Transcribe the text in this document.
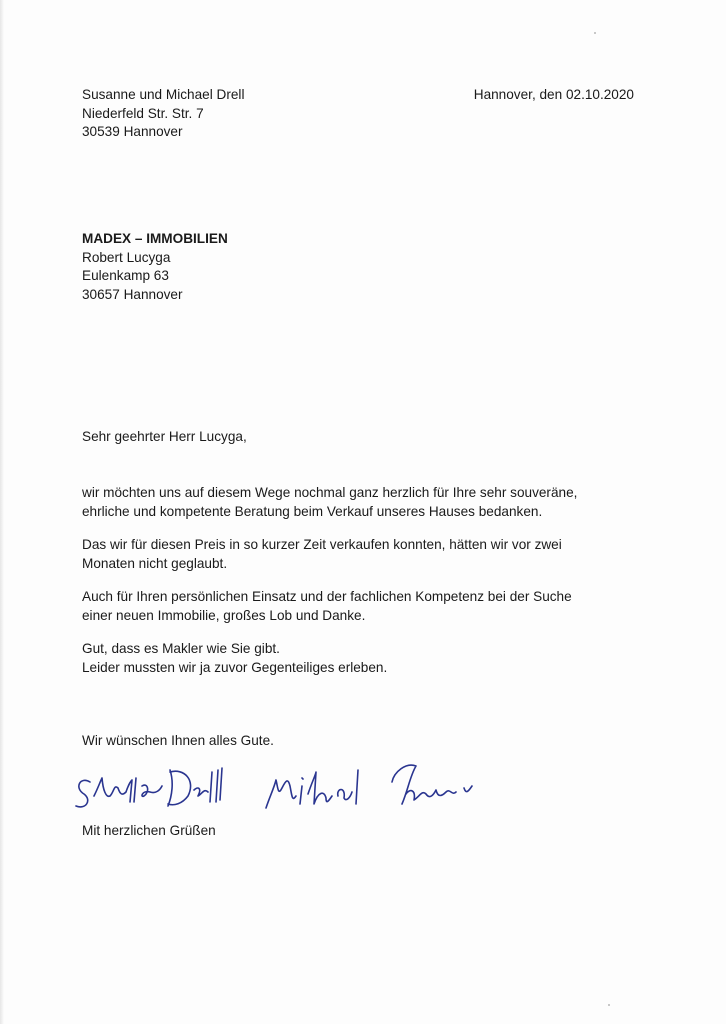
Susanne und Michael Drell

Niederfeld Str. Str. 7

30539 Hannover

Hannover, den 02.10.2020

MADEX – IMMOBILIEN

Robert Lucyga

Eulenkamp 63

30657 Hannover

Sehr geehrter Herr Lucyga,

wir möchten uns auf diesem Wege nochmal ganz herzlich für Ihre sehr souveräne,

ehrliche und kompetente Beratung beim Verkauf unseres Hauses bedanken.

Das wir für diesen Preis in so kurzer Zeit verkaufen konnten, hätten wir vor zwei

Monaten nicht geglaubt.

Auch für Ihren persönlichen Einsatz und der fachlichen Kompetenz bei der Suche

einer neuen Immobilie, großes Lob und Danke.

Gut, dass es Makler wie Sie gibt.

Leider mussten wir ja zuvor Gegenteiliges erleben.

Wir wünschen Ihnen alles Gute.
Mit herzlichen Grüßen
